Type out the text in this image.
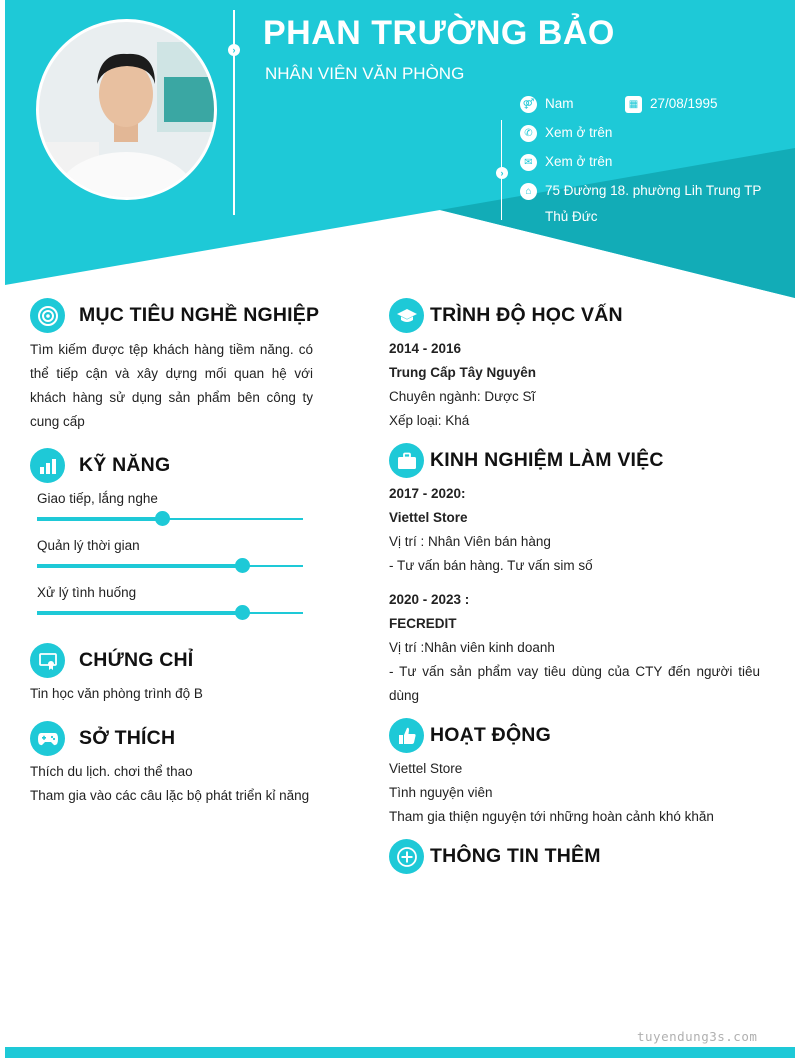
› PHAN TRƯỜNG BẢO
NHÂN VIÊN VĂN PHÒNG
›
⚤ Nam	▦ 27/08/1995
✆ Xem ở trên
✉ Xem ở trên
⌂ 75 Đường 18. phường Lih Trung TP Thủ Đức
MỤC TIÊU NGHỀ NGHIỆP
Tìm kiếm được tệp khách hàng tiềm năng. có thể tiếp cận và xây dựng mối quan hệ với khách hàng sử dụng sản phẩm bên công ty cung cấp
KỸ NĂNG
Giao tiếp, lắng nghe
Quản lý thời gian
Xử lý tình huống
CHỨNG CHỈ
Tin học văn phòng trình độ B
SỞ THÍCH
Thích du lịch. chơi thể thao
Tham gia vào các câu lặc bộ phát triển kỉ năng
TRÌNH ĐỘ HỌC VẤN
2014 - 2016
Trung Cấp Tây Nguyên
Chuyên ngành: Dược Sĩ
Xếp loại: Khá
KINH NGHIỆM LÀM VIỆC
2017 - 2020:
Viettel Store
Vị trí : Nhân Viên bán hàng
- Tư vấn bán hàng. Tư vấn sim số
2020 - 2023 :
FECREDIT
Vị trí :Nhân viên kinh doanh
- Tư vấn sản phẩm vay tiêu dùng của CTY đến người tiêu dùng
HOẠT ĐỘNG
Viettel Store
Tình nguyện viên
Tham gia thiện nguyện tới những hoàn cảnh khó khăn
THÔNG TIN THÊM
tuyendung3s.com
